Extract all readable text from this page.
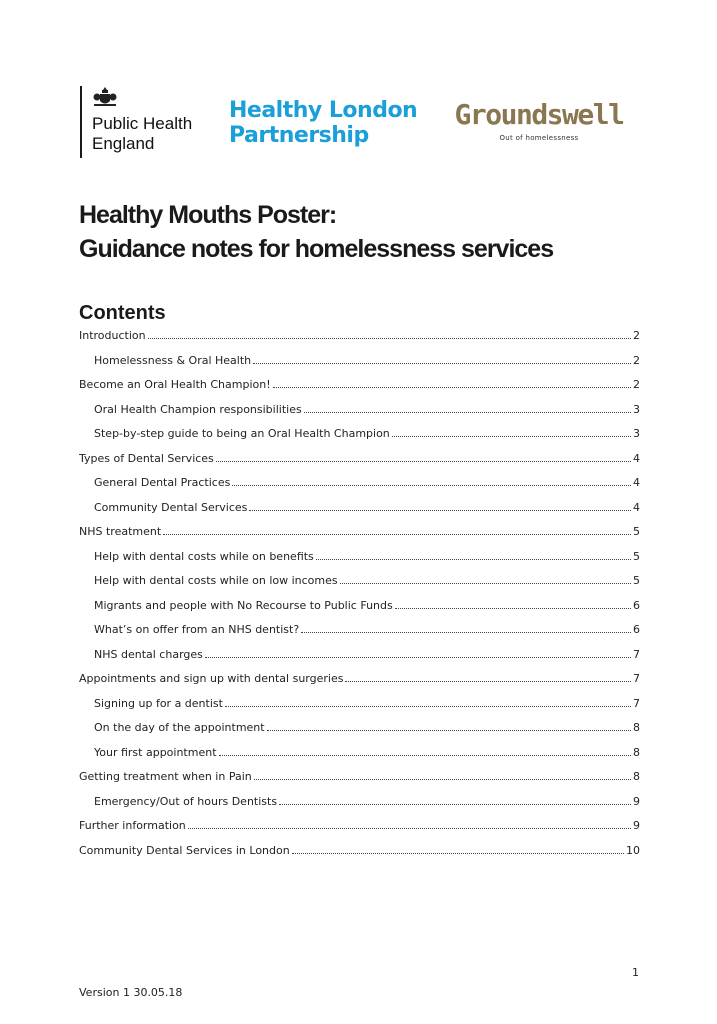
Public Health
England
Healthy London
Partnership
Groundswell
Out of homelessness
Healthy Mouths Poster:
Guidance notes for homelessness services
Contents
Introduction	2
Homelessness & Oral Health	2
Become an Oral Health Champion!	2
Oral Health Champion responsibilities	3
Step-by-step guide to being an Oral Health Champion	3
Types of Dental Services	4
General Dental Practices	4
Community Dental Services	4
NHS treatment	5
Help with dental costs while on benefits	5
Help with dental costs while on low incomes	5
Migrants and people with No Recourse to Public Funds	6
What’s on offer from an NHS dentist?	6
NHS dental charges	7
Appointments and sign up with dental surgeries	7
Signing up for a dentist	7
On the day of the appointment	8
Your first appointment	8
Getting treatment when in Pain	8
Emergency/Out of hours Dentists	9
Further information	9
Community Dental Services in London	10
1
Version 1 30.05.18
